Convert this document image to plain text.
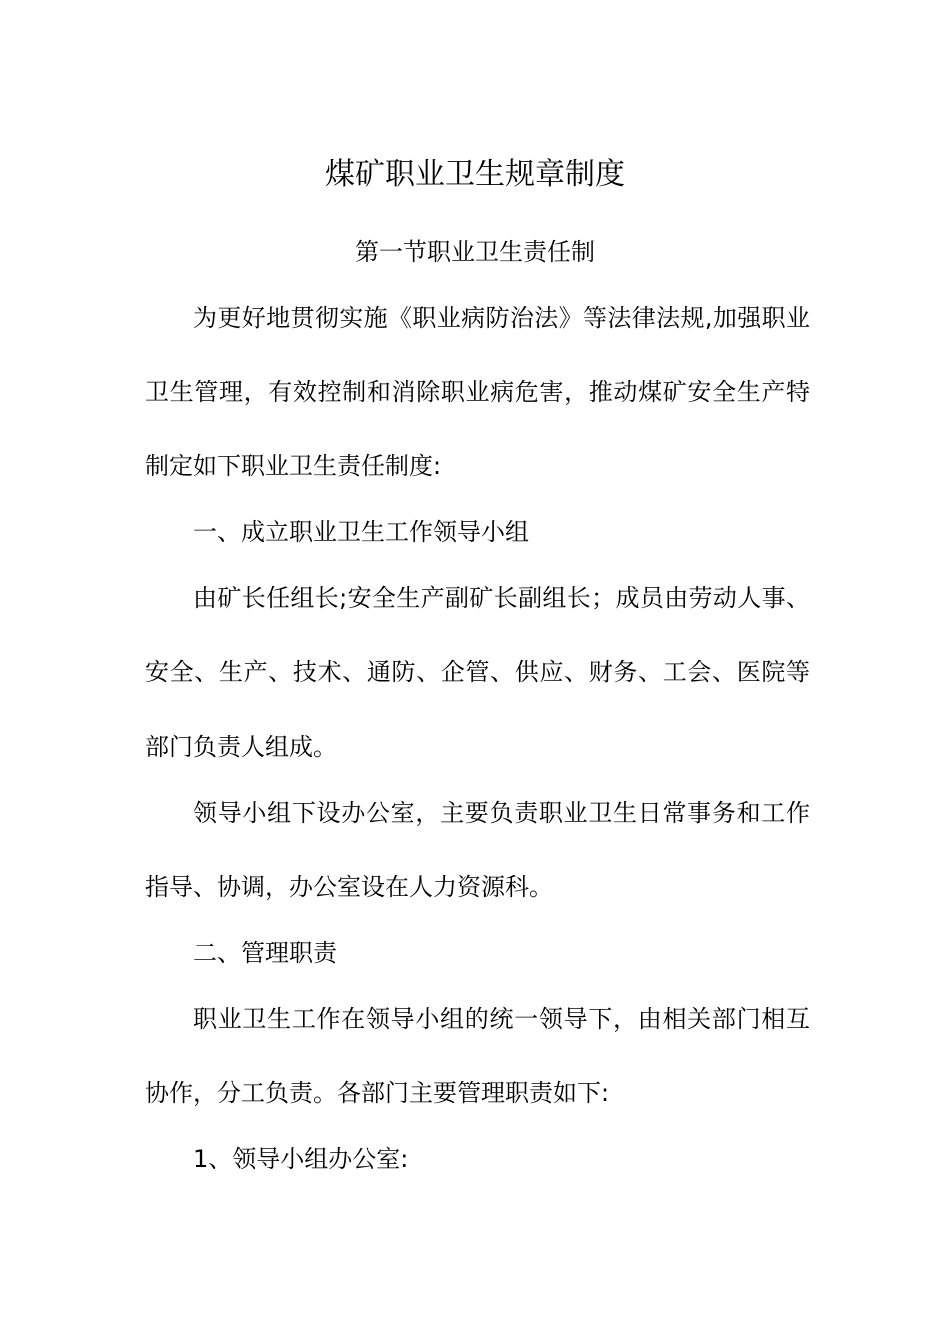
煤矿职业卫生规章制度
第一节职业卫生责任制

为更好地贯彻实施《职业病防治法》等法律法规,加强职业

卫生管理，有效控制和消除职业病危害，推动煤矿安全生产特

制定如下职业卫生责任制度:

一、成立职业卫生工作领导小组

由矿长任组长;安全生产副矿长副组长；成员由劳动人事、

安全、生产、技术、通防、企管、供应、财务、工会、医院等

部门负责人组成。

领导小组下设办公室，主要负责职业卫生日常事务和工作

指导、协调，办公室设在人力资源科。

二、管理职责

职业卫生工作在领导小组的统一领导下，由相关部门相互

协作，分工负责。各部门主要管理职责如下:

1、领导小组办公室:
